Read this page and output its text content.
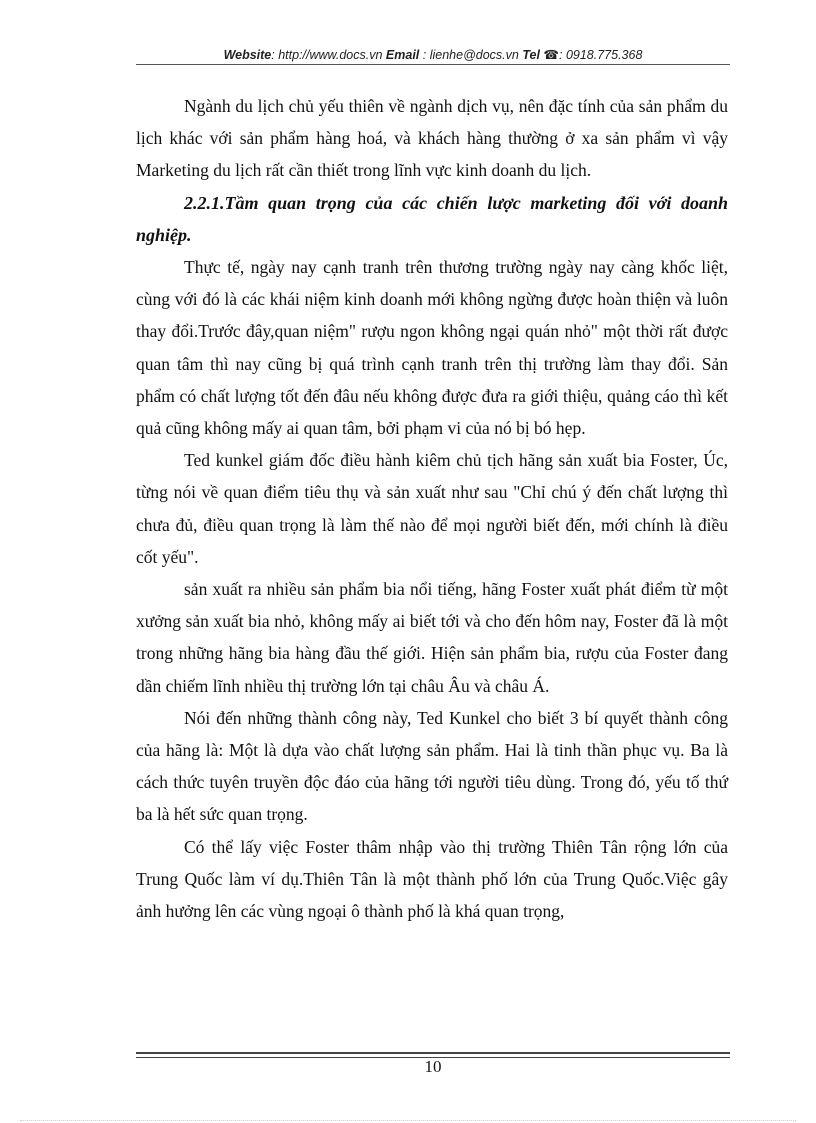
Website: http://www.docs.vn Email : lienhe@docs.vn Tel ☎: 0918.775.368

Ngành du lịch chủ yếu thiên về ngành dịch vụ, nên đặc tính của sản phẩm du lịch khác với sản phẩm hàng hoá, và khách hàng thường ở xa sản phẩm vì vậy Marketing du lịch rất cần thiết trong lĩnh vực kinh doanh du lịch.

2.2.1.Tầm quan trọng của các chiến lược marketing đối với doanh nghiệp.

Thực tế, ngày nay cạnh tranh trên thương trường ngày nay càng khốc liệt, cùng với đó là các khái niệm kinh doanh mới không ngừng được hoàn thiện và luôn thay đổi.Trước đây,quan niệm" rượu ngon không ngại quán nhỏ" một thời rất được quan tâm thì nay cũng bị quá trình cạnh tranh trên thị trường làm thay đổi. Sản phẩm có chất lượng tốt đến đâu nếu không được đưa ra giới thiệu, quảng cáo thì kết quả cũng không mấy ai quan tâm, bởi phạm vi của nó bị bó hẹp.

Ted kunkel giám đốc điều hành kiêm chủ tịch hãng sản xuất bia Foster, Úc, từng nói về quan điểm tiêu thụ và sản xuất như sau "Chỉ chú ý đến chất lượng thì chưa đủ, điều quan trọng là làm thế nào để mọi người biết đến, mới chính là điều cốt yếu".

sản xuất ra nhiều sản phẩm bia nổi tiếng, hãng Foster xuất phát điểm từ một xưởng sản xuất bia nhỏ, không mấy ai biết tới và cho đến hôm nay, Foster đã là một trong những hãng bia hàng đầu thế giới. Hiện sản phẩm bia, rượu của Foster đang dần chiếm lĩnh nhiều thị trường lớn tại châu Âu và châu Á.

Nói đến những thành công này, Ted Kunkel cho biết 3 bí quyết thành công của hãng là: Một là dựa vào chất lượng sản phẩm. Hai là tinh thần phục vụ. Ba là cách thức tuyên truyền độc đáo của hãng tới người tiêu dùng. Trong đó, yếu tố thứ ba là hết sức quan trọng.

Có thể lấy việc Foster thâm nhập vào thị trường Thiên Tân rộng lớn của Trung Quốc làm ví dụ.Thiên Tân là một thành phố lớn của Trung Quốc.Việc gây ảnh hưởng lên các vùng ngoại ô thành phố là khá quan trọng,

10
